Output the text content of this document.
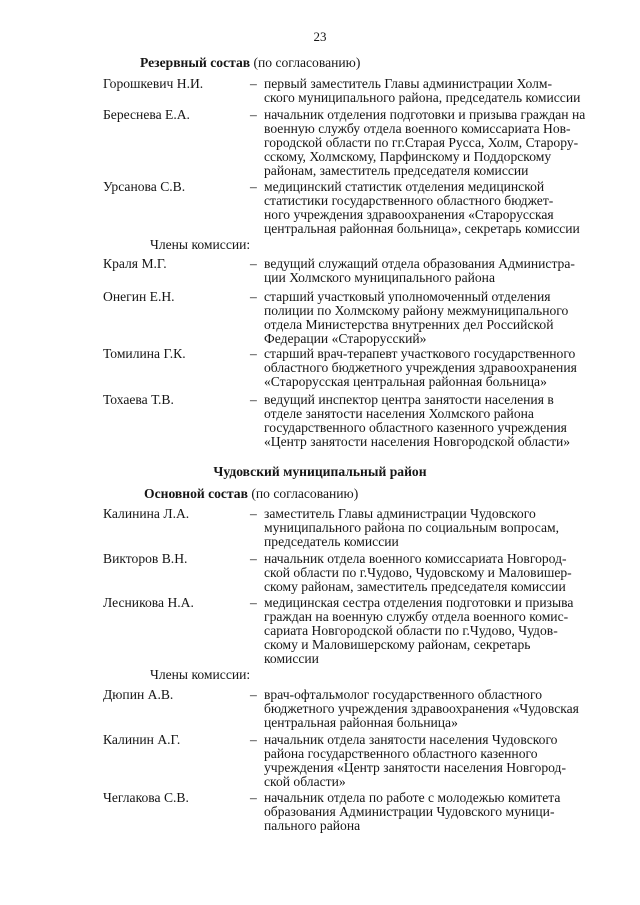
23
Резервный состав (по согласованию)
Горошкевич Н.И.	– первый заместитель Главы администрации Холм-
ского муниципального района, председатель комиссии
Береснева Е.А.	– начальник отделения подготовки и призыва граждан на
военную службу отдела военного комиссариата Нов-
городской области по гг.Старая Русса, Холм, Старору-
сскому, Холмскому, Парфинскому и Поддорскому
районам, заместитель председателя комиссии
Урсанова С.В.	– медицинский статистик отделения медицинской
статистики государственного областного бюджет-
ного учреждения здравоохранения «Старорусская
центральная районная больница», секретарь комиссии
Члены комиссии:
Краля М.Г.	– ведущий служащий отдела образования Администра-
ции Холмского муниципального района
Онегин Е.Н.	– старший участковый уполномоченный отделения
полиции по Холмскому району межмуниципального
отдела Министерства внутренних дел Российской
Федерации «Старорусский»
Томилина Г.К.	– старший врач-терапевт участкового государственного
областного бюджетного учреждения здравоохранения
«Старорусская центральная районная больница»
Тохаева Т.В.	– ведущий инспектор центра занятости населения в
отделе занятости населения Холмского района
государственного областного казенного учреждения
«Центр занятости населения Новгородской области»
Чудовский муниципальный район
Основной состав (по согласованию)
Калинина Л.А.	– заместитель Главы администрации Чудовского
муниципального района по социальным вопросам,
председатель комиссии
Викторов В.Н.	– начальник отдела военного комиссариата Новгород-
ской области по г.Чудово, Чудовскому и Маловишер-
скому районам, заместитель председателя комиссии
Лесникова Н.А.	– медицинская сестра отделения подготовки и призыва
граждан на военную службу отдела военного комис-
сариата Новгородской области по г.Чудово, Чудов-
скому и Маловишерскому районам, секретарь
комиссии
Члены комиссии:
Дюпин А.В.	– врач-офтальмолог государственного областного
бюджетного учреждения здравоохранения «Чудовская
центральная районная больница»
Калинин А.Г.	– начальник отдела занятости населения Чудовского
района государственного областного казенного
учреждения «Центр занятости населения Новгород-
ской области»
Чеглакова С.В.	– начальник отдела по работе с молодежью комитета
образования Администрации Чудовского муници-
пального района
